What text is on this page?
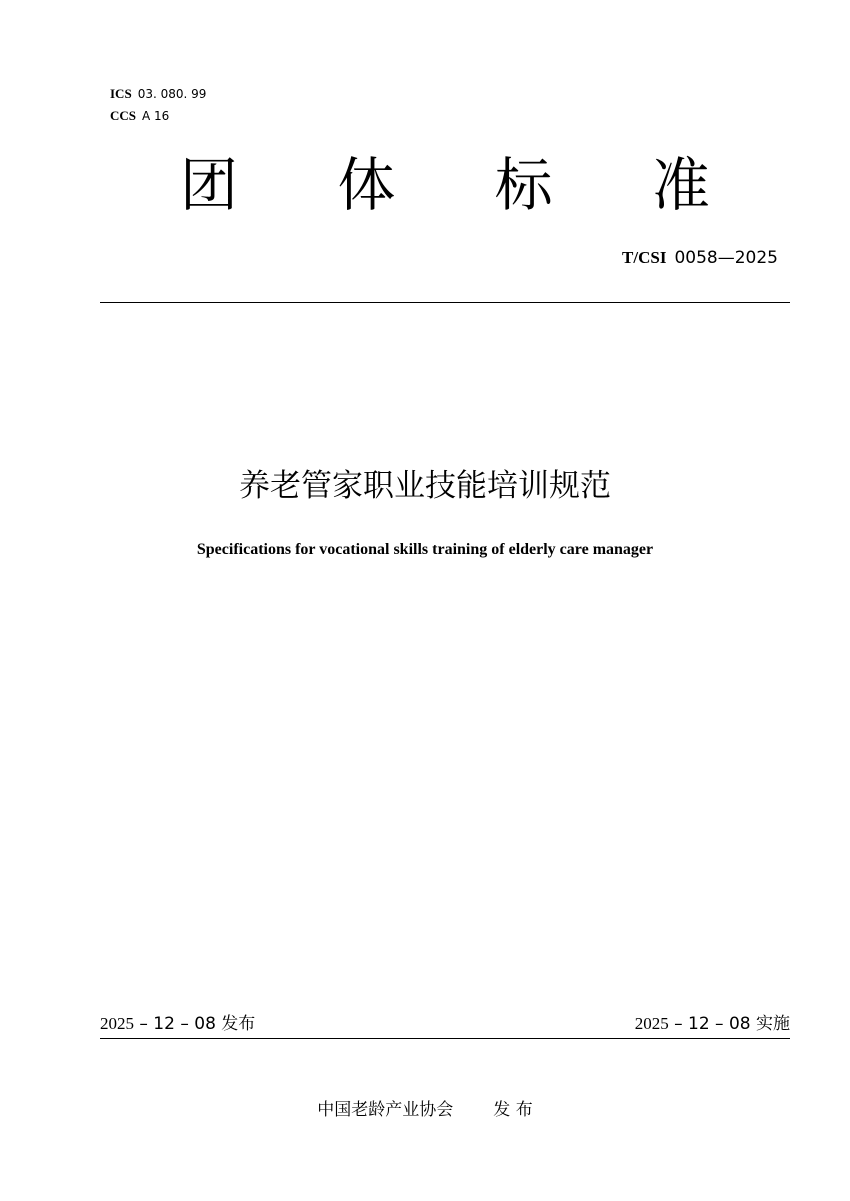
ICS 03. 080. 99
CCS A 16
团 体 标 准
T/CSI 0058—2025
养老管家职业技能培训规范
Specifications for vocational skills training of elderly care manager
2025 – 12 – 08 发布	2025 – 12 – 08 实施
中国老龄产业协会 发 布
